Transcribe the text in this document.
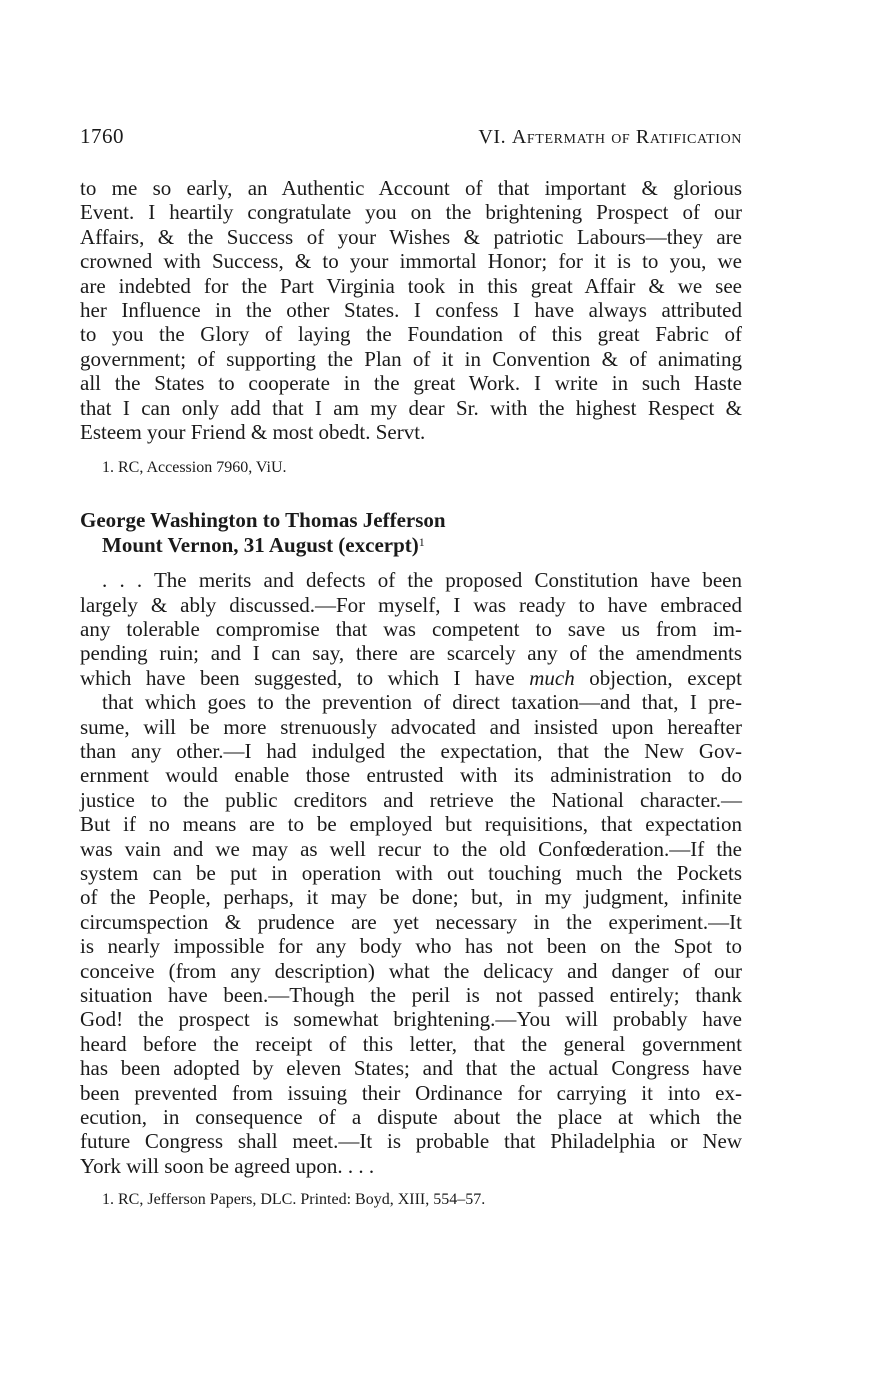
1760	VI. Aftermath of Ratification
to me so early, an Authentic Account of that important & glorious
Event. I heartily congratulate you on the brightening Prospect of our
Affairs, & the Success of your Wishes & patriotic Labours—they are
crowned with Success, & to your immortal Honor; for it is to you, we
are indebted for the Part Virginia took in this great Affair & we see
her Influence in the other States. I confess I have always attributed
to you the Glory of laying the Foundation of this great Fabric of
government; of supporting the Plan of it in Convention & of animating
all the States to cooperate in the great Work. I write in such Haste
that I can only add that I am my dear Sr. with the highest Respect &
Esteem your Friend & most obedt. Servt.

1. RC, Accession 7960, ViU.

George Washington to Thomas Jefferson

Mount Vernon, 31 August (excerpt)$^1$

. . . The merits and defects of the proposed Constitution have been
largely & ably discussed.—For myself, I was ready to have embraced
any tolerable compromise that was competent to save us from im-
pending ruin; and I can say, there are scarcely any of the amendments
which have been suggested, to which I have much objection, except
that which goes to the prevention of direct taxation—and that, I pre-
sume, will be more strenuously advocated and insisted upon hereafter
than any other.—I had indulged the expectation, that the New Gov-
ernment would enable those entrusted with its administration to do
justice to the public creditors and retrieve the National character.—
But if no means are to be employed but requisitions, that expectation
was vain and we may as well recur to the old Confœderation.—If the
system can be put in operation with out touching much the Pockets
of the People, perhaps, it may be done; but, in my judgment, infinite
circumspection & prudence are yet necessary in the experiment.—It
is nearly impossible for any body who has not been on the Spot to
conceive (from any description) what the delicacy and danger of our
situation have been.—Though the peril is not passed entirely; thank
God! the prospect is somewhat brightening.—You will probably have
heard before the receipt of this letter, that the general government
has been adopted by eleven States; and that the actual Congress have
been prevented from issuing their Ordinance for carrying it into ex-
ecution, in consequence of a dispute about the place at which the
future Congress shall meet.—It is probable that Philadelphia or New
York will soon be agreed upon. . . .

1. RC, Jefferson Papers, DLC. Printed: Boyd, XIII, 554–57.
